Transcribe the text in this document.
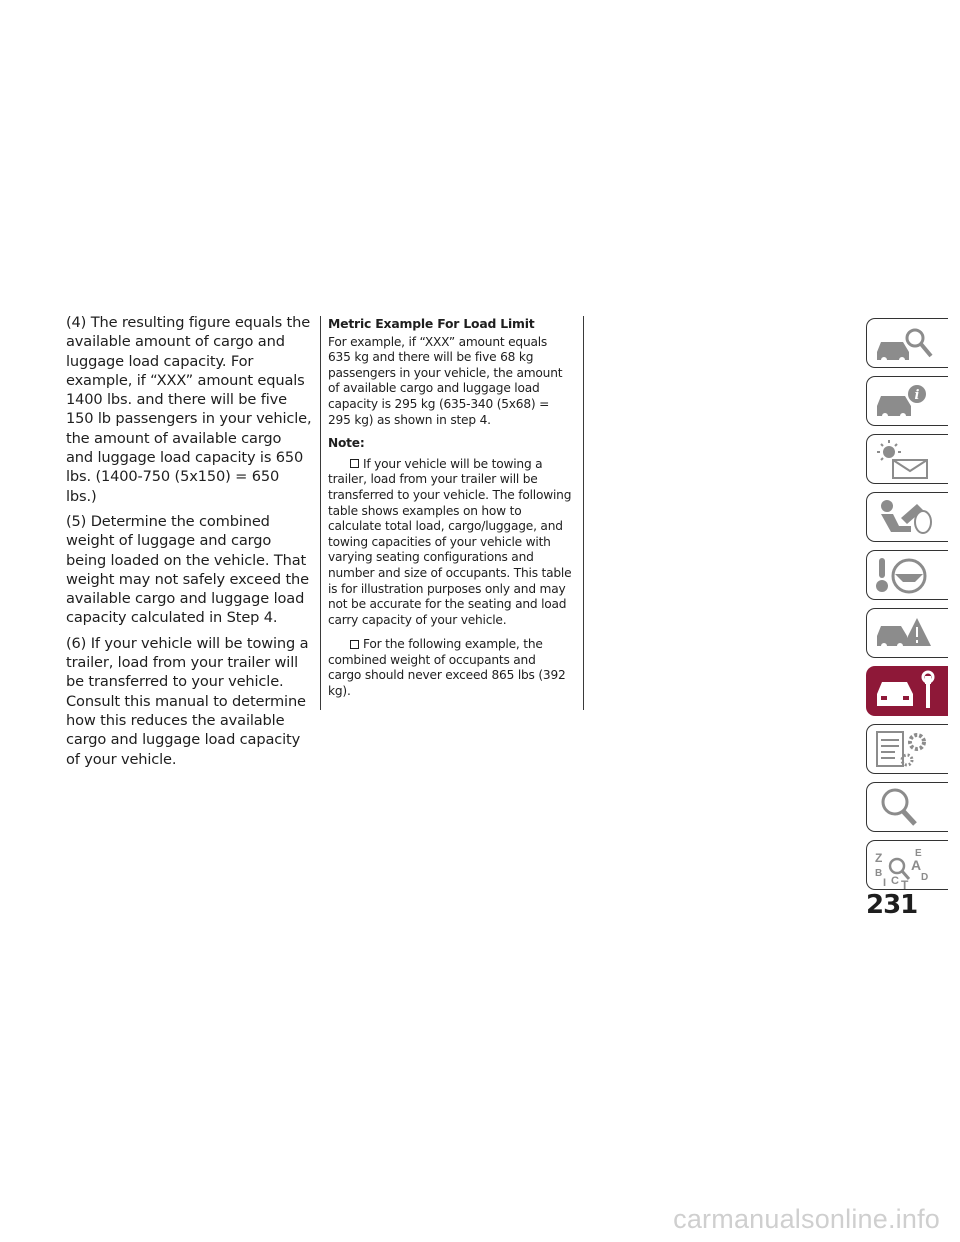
(4) The resulting figure equals the available amount of cargo and luggage load capacity. For example, if “XXX” amount equals 1400 lbs. and there will be five 150 lb passengers in your vehicle, the amount of available cargo and luggage load capacity is 650 lbs. (1400-750 (5x150) = 650 lbs.)

(5) Determine the combined weight of luggage and cargo being loaded on the vehicle. That weight may not safely exceed the available cargo and luggage load capacity calculated in Step 4.

(6) If your vehicle will be towing a trailer, load from your trailer will be transferred to your vehicle. Consult this manual to determine how this reduces the available cargo and luggage load capacity of your vehicle.

Metric Example For Load Limit

For example, if “XXX” amount equals 635 kg and there will be five 68 kg passengers in your vehicle, the amount of available cargo and luggage load capacity is 295 kg (635-340 (5x68) = 295 kg) as shown in step 4.

Note:
If your vehicle will be towing a trailer, load from your trailer will be transferred to your vehicle. The following table shows examples on how to calculate total load, cargo/luggage, and towing capacities of your vehicle with varying seating configurations and number and size of occupants. This table is for illustration purposes only and may not be accurate for the seating and load carry capacity of your vehicle.
For the following example, the combined weight of occupants and cargo should never exceed 865 lbs (392 kg).
i
Z	E
B
A
D
I C T
231
carmanualsonline.info
